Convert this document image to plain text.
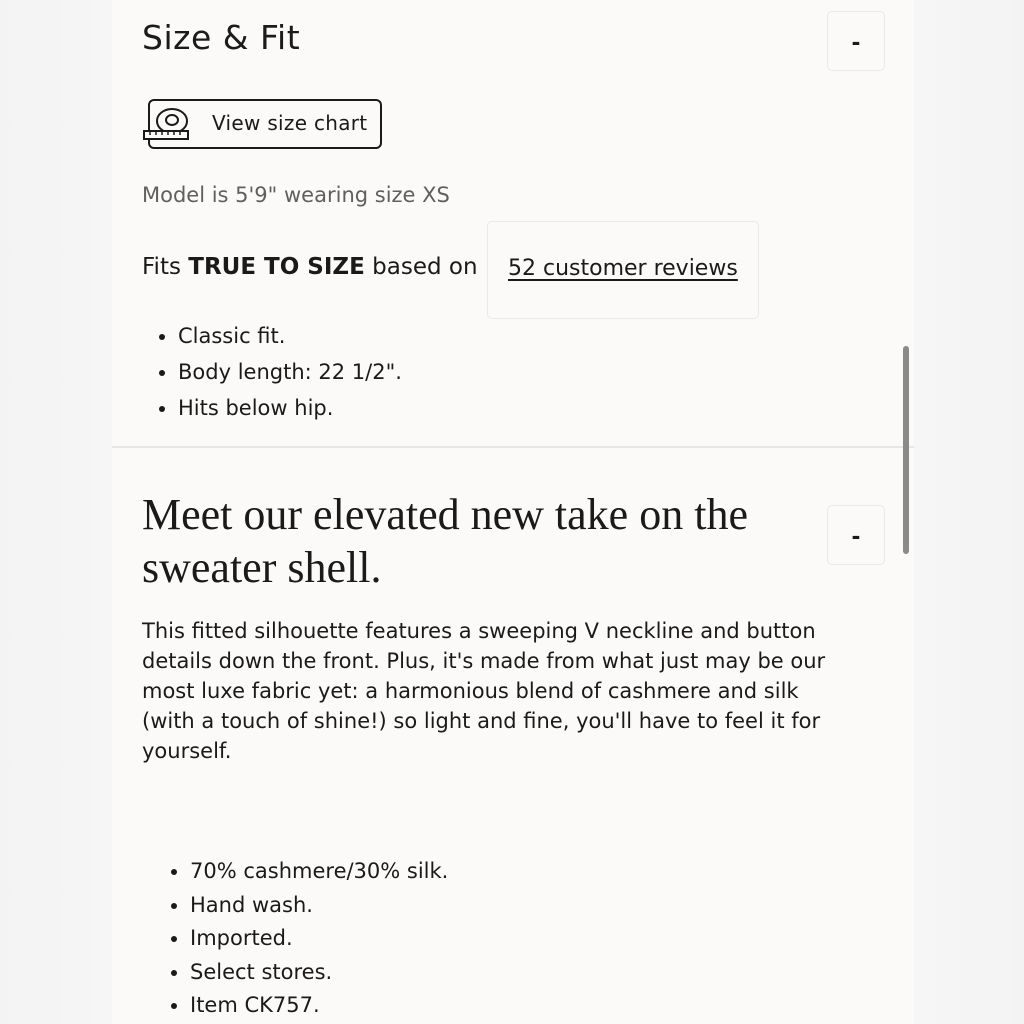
Size & Fit	-
View size chart
Model is 5'9" wearing size XS
Fits TRUE TO SIZE based on 52 customer reviews
• Classic fit.
• Body length: 22 1/2".
• Hits below hip.
Meet our elevated new take on the sweater shell.
-
This fitted silhouette features a sweeping V neckline and button details down the front. Plus, it's made from what just may be our most luxe fabric yet: a harmonious blend of cashmere and silk (with a touch of shine!) so light and fine, you'll have to feel it for yourself.
• 70% cashmere/30% silk.
• Hand wash.
• Imported.
• Select stores.
• Item CK757.
